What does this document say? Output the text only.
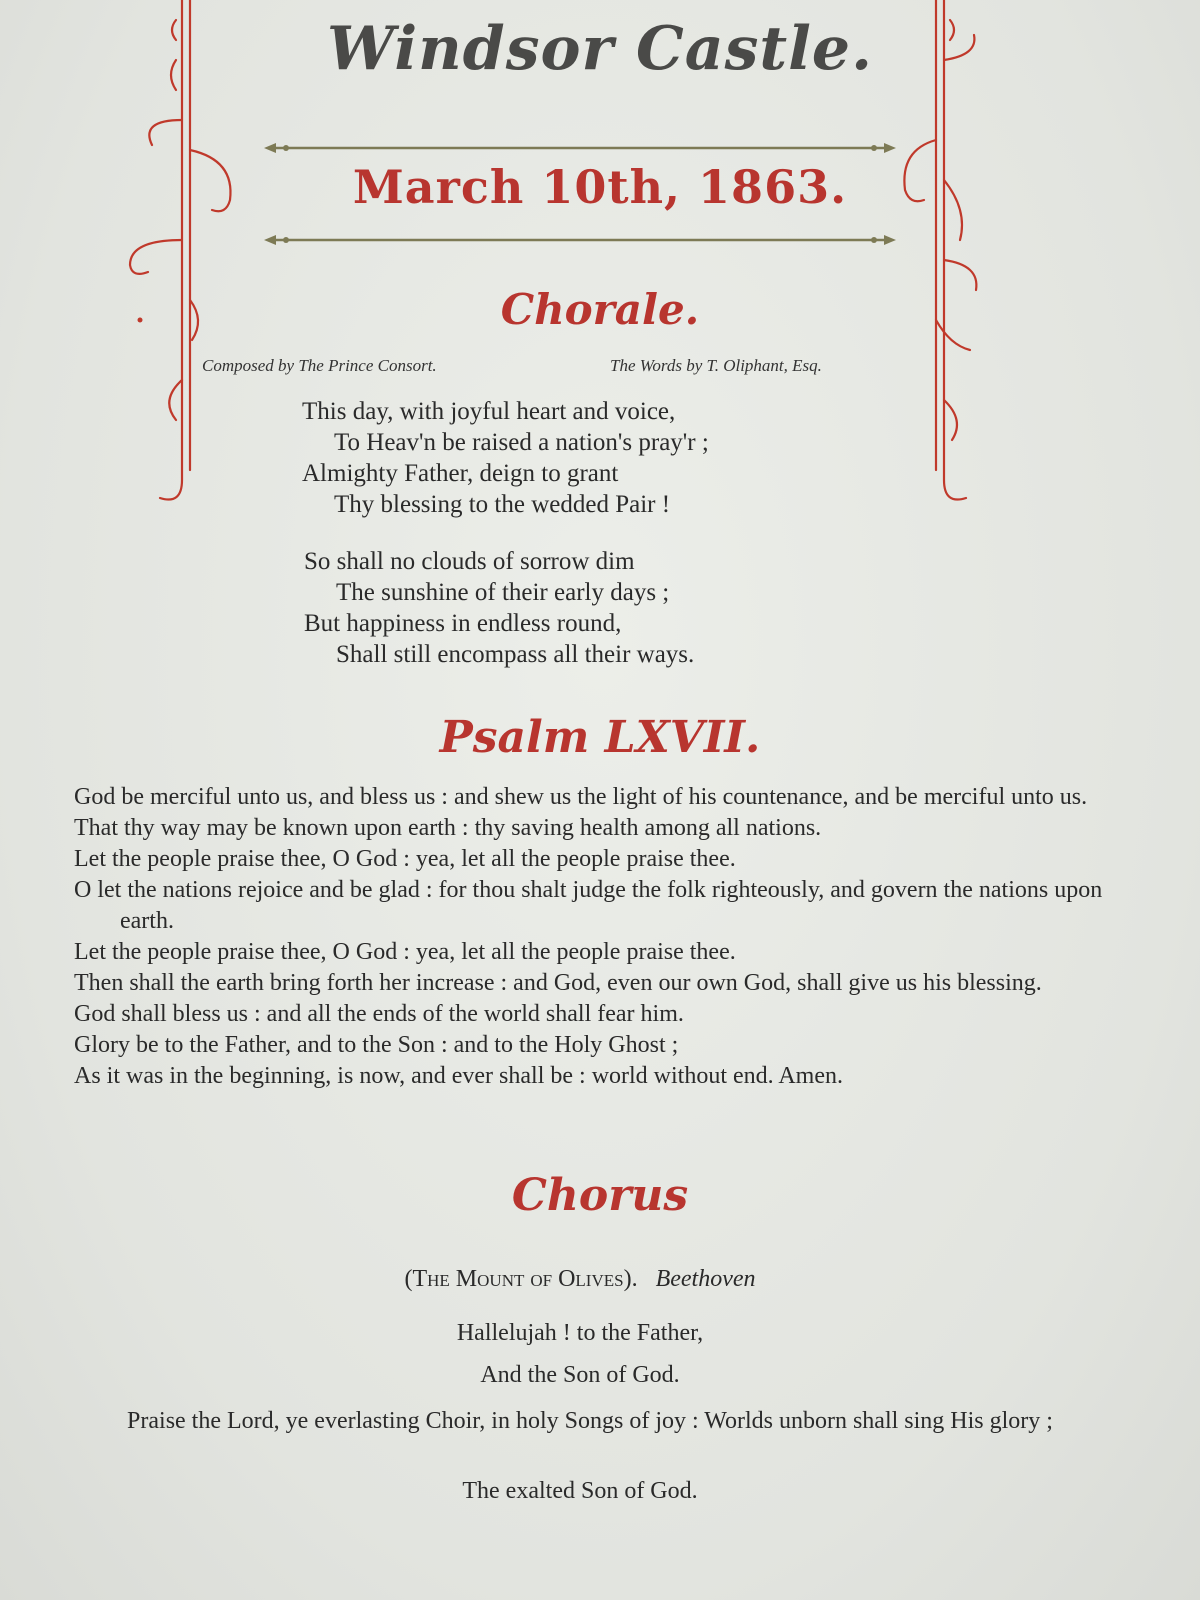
Windsor Castle.
March 10th, 1863.
Chorale.
Composed by The Prince Consort.	The Words by T. Oliphant, Esq.
This day, with joyful heart and voice,
To Heav'n be raised a nation's pray'r ;
Almighty Father, deign to grant
Thy blessing to the wedded Pair !
So shall no clouds of sorrow dim
The sunshine of their early days ;
But happiness in endless round,
Shall still encompass all their ways.
Psalm LXVII.
God be merciful unto us, and bless us : and shew us the light of his countenance, and be merciful unto us.
That thy way may be known upon earth : thy saving health among all nations.
Let the people praise thee, O God : yea, let all the people praise thee.
O let the nations rejoice and be glad : for thou shalt judge the folk righteously, and govern the nations upon earth.
Let the people praise thee, O God : yea, let all the people praise thee.
Then shall the earth bring forth her increase : and God, even our own God, shall give us his blessing.
God shall bless us : and all the ends of the world shall fear him.
Glory be to the Father, and to the Son : and to the Holy Ghost ;
As it was in the beginning, is now, and ever shall be : world without end. Amen.
Chorus
(The Mount of Olives). Beethoven
Hallelujah ! to the Father,
And the Son of God.
Praise the Lord, ye everlasting Choir, in holy Songs of joy : Worlds unborn shall sing His glory ;
The exalted Son of God.
